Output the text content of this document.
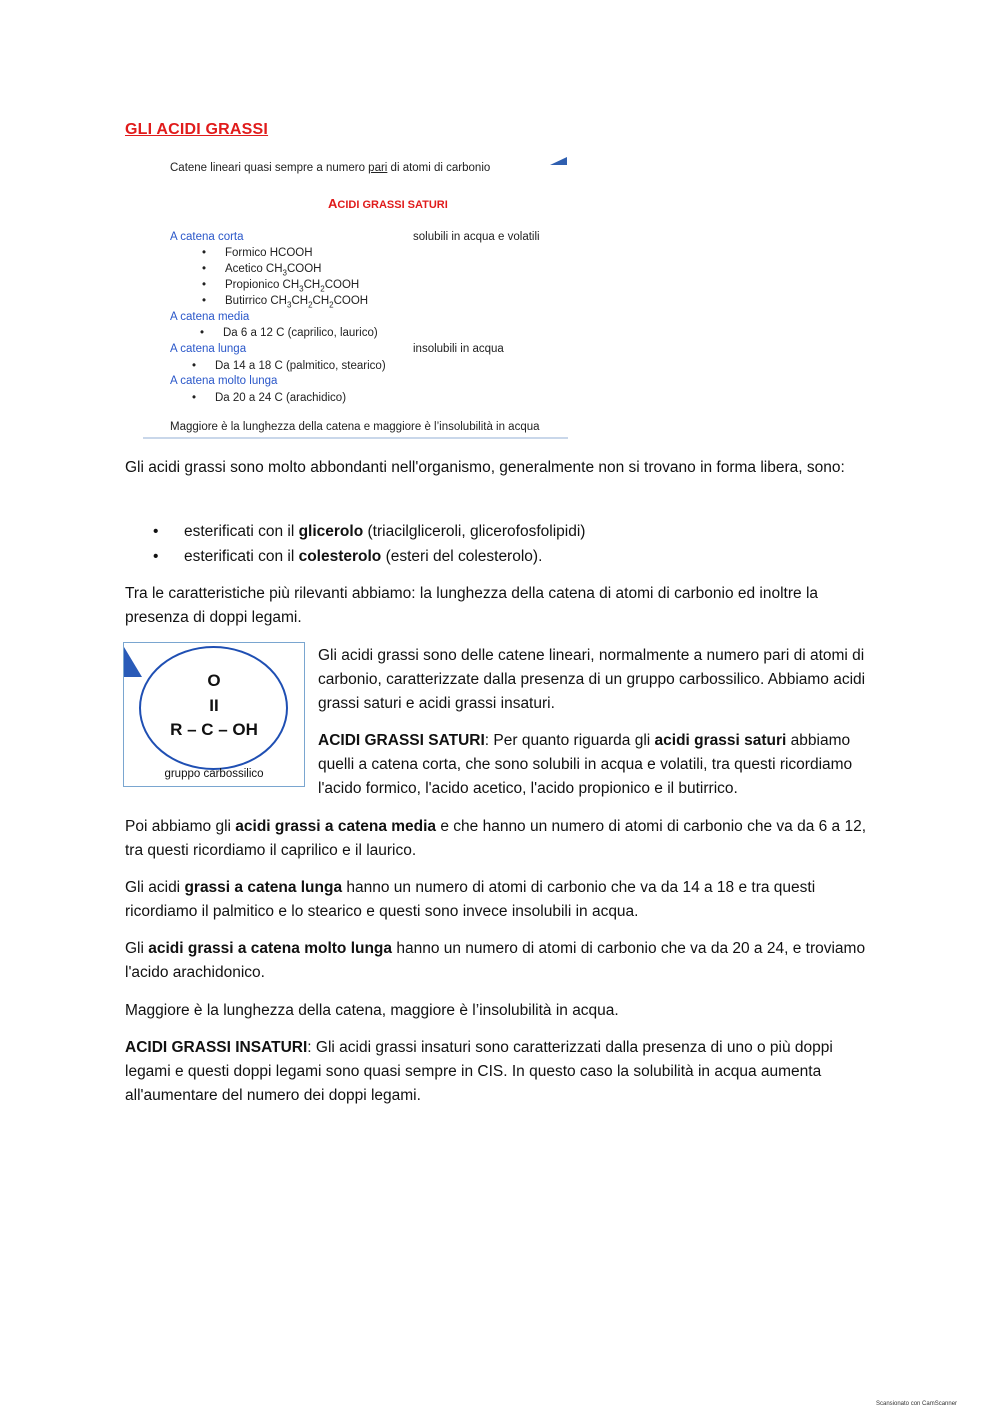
GLI ACIDI GRASSI
Catene lineari quasi sempre a numero pari di atomi di carbonio
ACIDI GRASSI SATURI
A catena corta	solubili in acqua e volatili
• Formico HCOOH
• Acetico $CH_3COOH$
• Propionico $CH_3CH_2COOH$
• Butirrico $CH_3CH_2CH_2COOH$
A catena media
• Da 6 a 12 C (caprilico, laurico)
A catena lunga	insolubili in acqua
• Da 14 a 18 C (palmitico, stearico)
A catena molto lunga
• Da 20 a 24 C (arachidico)
Maggiore è la lunghezza della catena e maggiore è l’insolubilità in acqua
Gli acidi grassi sono molto abbondanti nell'organismo, generalmente non si trovano in forma libera, sono:
• esterificati con il glicerolo (triacilgliceroli, glicerofosfolipidi)
• esterificati con il colesterolo (esteri del colesterolo).
Tra le caratteristiche più rilevanti abbiamo: la lunghezza della catena di atomi di carbonio ed inoltre la presenza di doppi legami.
O
II
R – C – OH
gruppo carbossilico
Gli acidi grassi sono delle catene lineari, normalmente a numero pari di atomi di carbonio, caratterizzate dalla presenza di un gruppo carbossilico. Abbiamo acidi grassi saturi e acidi grassi insaturi.
ACIDI GRASSI SATURI: Per quanto riguarda gli acidi grassi saturi abbiamo quelli a catena corta, che sono solubili in acqua e volatili, tra questi ricordiamo l'acido formico, l'acido acetico, l'acido propionico e il butirrico.
Poi abbiamo gli acidi grassi a catena media e che hanno un numero di atomi di carbonio che va da 6 a 12, tra questi ricordiamo il caprilico e il laurico.
Gli acidi grassi a catena lunga hanno un numero di atomi di carbonio che va da 14 a 18 e tra questi ricordiamo il palmitico e lo stearico e questi sono invece insolubili in acqua.
Gli acidi grassi a catena molto lunga hanno un numero di atomi di carbonio che va da 20 a 24, e troviamo l'acido arachidonico.
Maggiore è la lunghezza della catena, maggiore è l’insolubilità in acqua.
ACIDI GRASSI INSATURI: Gli acidi grassi insaturi sono caratterizzati dalla presenza di uno o più doppi legami e questi doppi legami sono quasi sempre in CIS. In questo caso la solubilità in acqua aumenta all'aumentare del numero dei doppi legami.
Scansionato con CamScanner
